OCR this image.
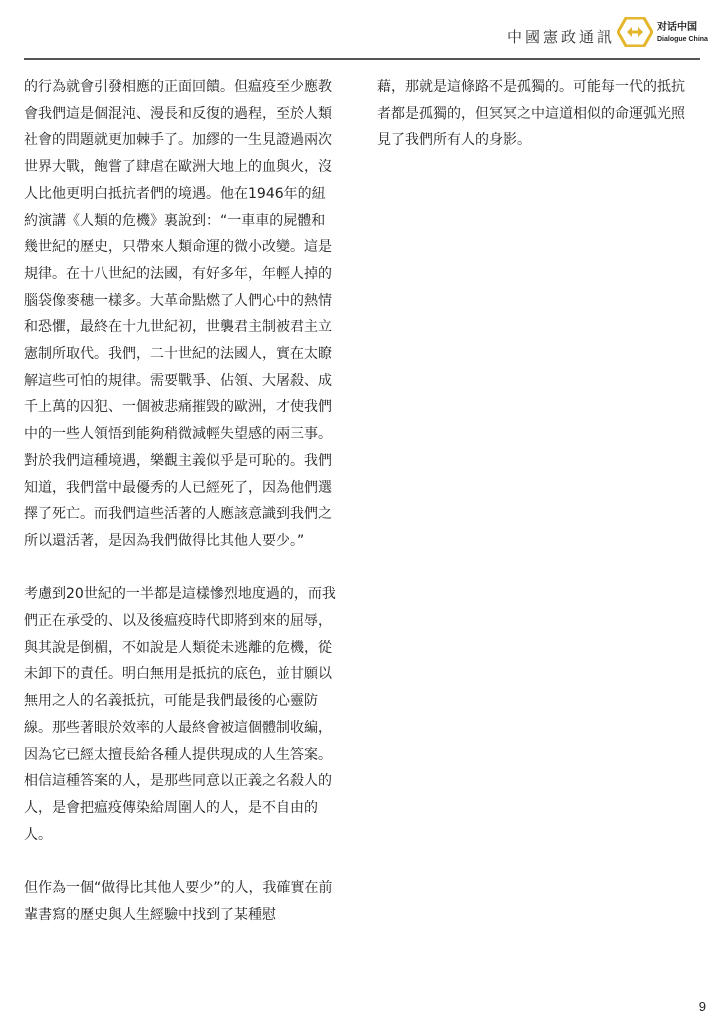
中國憲政通訊
对话中国
Dialogue China

的行為就會引發相應的正面回饋。但瘟疫至少應教會我們這是個混沌、漫長和反復的過程，至於人類社會的問題就更加棘手了。加繆的一生見證過兩次世界大戰，飽嘗了肆虐在歐洲大地上的血與火，沒人比他更明白抵抗者們的境遇。他在1946年的紐約演講《人類的危機》裏說到：“一車車的屍體和幾世紀的歷史，只帶來人類命運的微小改變。這是規律。在十八世紀的法國，有好多年，年輕人掉的腦袋像麥穗一樣多。大革命點燃了人們心中的熱情和恐懼，最終在十九世紀初，世襲君主制被君主立憲制所取代。我們，二十世紀的法國人，實在太瞭解這些可怕的規律。需要戰爭、佔領、大屠殺、成千上萬的囚犯、一個被悲痛摧毀的歐洲，才使我們中的一些人領悟到能夠稍微減輕失望感的兩三事。對於我們這種境遇，樂觀主義似乎是可恥的。我們知道，我們當中最優秀的人已經死了，因為他們選擇了死亡。而我們這些活著的人應該意識到我們之所以還活著，是因為我們做得比其他人要少。”

考慮到20世紀的一半都是這樣慘烈地度過的，而我們正在承受的、以及後瘟疫時代即將到來的屈辱，與其說是倒楣，不如說是人類從未逃離的危機，從未卸下的責任。明白無用是抵抗的底色，並甘願以無用之人的名義抵抗，可能是我們最後的心靈防線。那些著眼於效率的人最終會被這個體制收編，因為它已經太擅長給各種人提供現成的人生答案。相信這種答案的人，是那些同意以正義之名殺人的人，是會把瘟疫傳染給周圍人的人，是不自由的人。

但作為一個“做得比其他人要少”的人，我確實在前輩書寫的歷史與人生經驗中找到了某種慰

藉，那就是這條路不是孤獨的。可能每一代的抵抗者都是孤獨的，但冥冥之中這道相似的命運弧光照見了我們所有人的身影。

9
